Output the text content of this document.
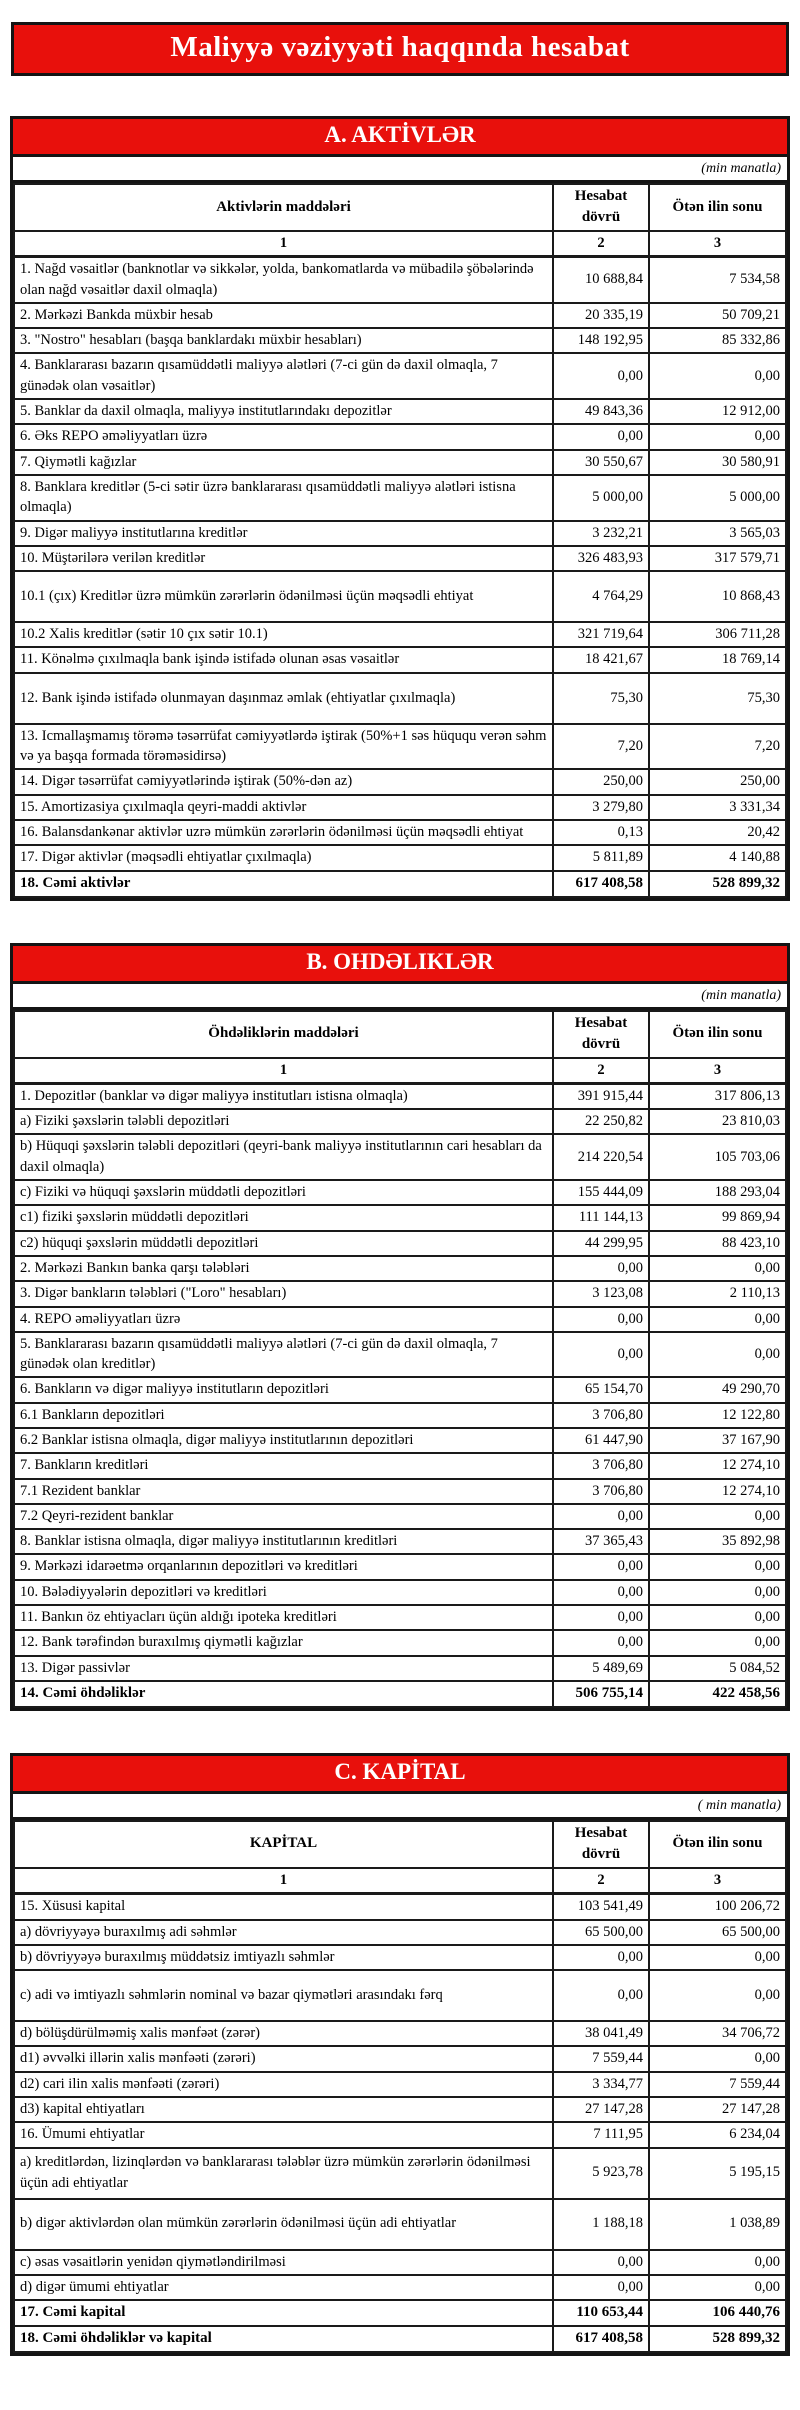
Maliyyə vəziyyəti haqqında hesabat
A. AKTİVLƏR
(min manatla)
Aktivlərin maddələri	Hesabat dövrü	Ötən ilin sonu
1	2	3
1. Nağd vəsaitlər (banknotlar və sikkələr, yolda, bankomatlarda və mübadilə şöbələrində olan nağd vəsaitlər daxil olmaqla)	10 688,84	7 534,58
2. Mərkəzi Bankda müxbir hesab	20 335,19	50 709,21
3. "Nostro" hesabları (başqa banklardakı müxbir hesabları)	148 192,95	85 332,86
4. Banklararası bazarın qısamüddətli maliyyə alətləri (7-ci gün də daxil olmaqla, 7 günədək olan vəsaitlər)	0,00	0,00
5. Banklar da daxil olmaqla, maliyyə institutlarındakı depozitlər	49 843,36	12 912,00
6. Əks REPO əməliyyatları üzrə	0,00	0,00
7. Qiymətli kağızlar	30 550,67	30 580,91
8. Banklara kreditlər (5-ci sətir üzrə banklararası qısamüddətli maliyyə alətləri istisna olmaqla)	5 000,00	5 000,00
9. Digər maliyyə institutlarına kreditlər	3 232,21	3 565,03
10. Müştərilərə verilən kreditlər	326 483,93	317 579,71
10.1 (çıx) Kreditlər üzrə mümkün zərərlərin ödənilməsi üçün məqsədli ehtiyat	4 764,29	10 868,43
10.2 Xalis kreditlər (sətir 10 çıx sətir 10.1)	321 719,64	306 711,28
11. Könəlmə çıxılmaqla bank işində istifadə olunan əsas vəsaitlər	18 421,67	18 769,14
12. Bank işində istifadə olunmayan daşınmaz əmlak (ehtiyatlar çıxılmaqla)	75,30	75,30
13. Icmallaşmamış törəmə təsərrüfat cəmiyyətlərdə iştirak (50%+1 səs hüququ verən səhm və ya başqa formada törəməsidirsə)	7,20	7,20
14. Digər təsərrüfat cəmiyyətlərində iştirak (50%-dən az)	250,00	250,00
15. Amortizasiya çıxılmaqla qeyri-maddi aktivlər	3 279,80	3 331,34
16. Balansdankənar aktivlər uzrə mümkün zərərlərin ödənilməsi üçün məqsədli ehtiyat	0,13	20,42
17. Digər aktivlər (məqsədli ehtiyatlar çıxılmaqla)	5 811,89	4 140,88
18. Cəmi aktivlər	617 408,58	528 899,32
B. OHDƏLIKLƏR
(min manatla)
Öhdəliklərin maddələri	Hesabat dövrü	Ötən ilin sonu
1	2	3
1. Depozitlər (banklar və digər maliyyə institutları istisna olmaqla)	391 915,44	317 806,13
a) Fiziki şəxslərin tələbli depozitləri	22 250,82	23 810,03
b) Hüquqi şəxslərin tələbli depozitləri (qeyri-bank maliyyə institutlarının cari hesabları da daxil olmaqla)	214 220,54	105 703,06
c) Fiziki və hüquqi şəxslərin müddətli depozitləri	155 444,09	188 293,04
c1) fiziki şəxslərin müddətli depozitləri	111 144,13	99 869,94
c2) hüquqi şəxslərin müddətli depozitləri	44 299,95	88 423,10
2. Mərkəzi Bankın banka qarşı tələbləri	0,00	0,00
3. Digər bankların tələbləri ("Loro" hesabları)	3 123,08	2 110,13
4. REPO əməliyyatları üzrə	0,00	0,00
5. Banklararası bazarın qısamüddətli maliyyə alətləri (7-ci gün də daxil olmaqla, 7 günədək olan kreditlər)	0,00	0,00
6. Bankların və digər maliyyə institutların depozitləri	65 154,70	49 290,70
6.1 Bankların depozitləri	3 706,80	12 122,80
6.2 Banklar istisna olmaqla, digər maliyyə institutlarının depozitləri	61 447,90	37 167,90
7. Bankların kreditləri	3 706,80	12 274,10
7.1 Rezident banklar	3 706,80	12 274,10
7.2 Qeyri-rezident banklar	0,00	0,00
8. Banklar istisna olmaqla, digər maliyyə institutlarının kreditləri	37 365,43	35 892,98
9. Mərkəzi idarəetmə orqanlarının depozitləri və kreditləri	0,00	0,00
10. Bələdiyyələrin depozitləri və kreditləri	0,00	0,00
11. Bankın öz ehtiyacları üçün aldığı ipoteka kreditləri	0,00	0,00
12. Bank tərəfindən buraxılmış qiymətli kağızlar	0,00	0,00
13. Digər passivlər	5 489,69	5 084,52
14. Cəmi öhdəliklər	506 755,14	422 458,56
C. KAPİTAL
( min manatla)
KAPİTAL	Hesabat dövrü	Ötən ilin sonu
1	2	3
15. Xüsusi kapital	103 541,49	100 206,72
a) dövriyyəyə buraxılmış adi səhmlər	65 500,00	65 500,00
b) dövriyyəyə buraxılmış müddətsiz imtiyazlı səhmlər	0,00	0,00
c) adi və imtiyazlı səhmlərin nominal və bazar qiymətləri arasındakı fərq	0,00	0,00
d) bölüşdürülməmiş xalis mənfəət (zərər)	38 041,49	34 706,72
d1) əvvəlki illərin xalis mənfəəti (zərəri)	7 559,44	0,00
d2) cari ilin xalis mənfəəti (zərəri)	3 334,77	7 559,44
d3) kapital ehtiyatları	27 147,28	27 147,28
16. Ümumi ehtiyatlar	7 111,95	6 234,04
a) kreditlərdən, lizinqlərdən və banklararası tələblər üzrə mümkün zərərlərin ödənilməsi üçün adi ehtiyatlar	5 923,78	5 195,15
b) digər aktivlərdən olan mümkün zərərlərin ödənilməsi üçün adi ehtiyatlar	1 188,18	1 038,89
c) əsas vəsaitlərin yenidən qiymətləndirilməsi	0,00	0,00
d) digər ümumi ehtiyatlar	0,00	0,00
17. Cəmi kapital	110 653,44	106 440,76
18. Cəmi öhdəliklər və kapital	617 408,58	528 899,32
